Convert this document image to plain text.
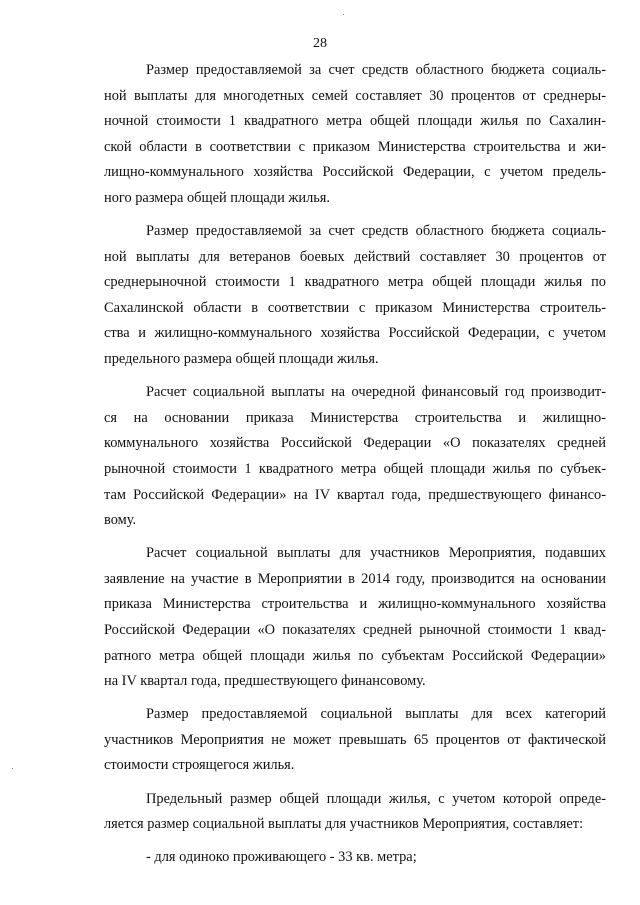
28
Размер предоставляемой за счет средств областного бюджета социаль-
ной выплаты для многодетных семей составляет 30 процентов от среднеры-
ночной стоимости 1 квадратного метра общей площади жилья по Сахалин-
ской области в соответствии с приказом Министерства строительства и жи-
лищно-коммунального хозяйства Российской Федерации, с учетом предель-
ного размера общей площади жилья.
Размер предоставляемой за счет средств областного бюджета социаль-
ной выплаты для ветеранов боевых действий составляет 30 процентов от
среднерыночной стоимости 1 квадратного метра общей площади жилья по
Сахалинской области в соответствии с приказом Министерства строитель-
ства и жилищно-коммунального хозяйства Российской Федерации, с учетом
предельного размера общей площади жилья.
Расчет социальной выплаты на очередной финансовый год производит-
ся на основании приказа Министерства строительства и жилищно-
коммунального хозяйства Российской Федерации «О показателях средней
рыночной стоимости 1 квадратного метра общей площади жилья по субъек-
там Российской Федерации» на IV квартал года, предшествующего финансо-
вому.
Расчет социальной выплаты для участников Мероприятия, подавших
заявление на участие в Мероприятии в 2014 году, производится на основании
приказа Министерства строительства и жилищно-коммунального хозяйства
Российской Федерации «О показателях средней рыночной стоимости 1 квад-
ратного метра общей площади жилья по субъектам Российской Федерации»
на IV квартал года, предшествующего финансовому.
Размер предоставляемой социальной выплаты для всех категорий
участников Мероприятия не может превышать 65 процентов от фактической
стоимости строящегося жилья.
Предельный размер общей площади жилья, с учетом которой опреде-
ляется размер социальной выплаты для участников Мероприятия, составляет:
- для одиноко проживающего - 33 кв. метра;
